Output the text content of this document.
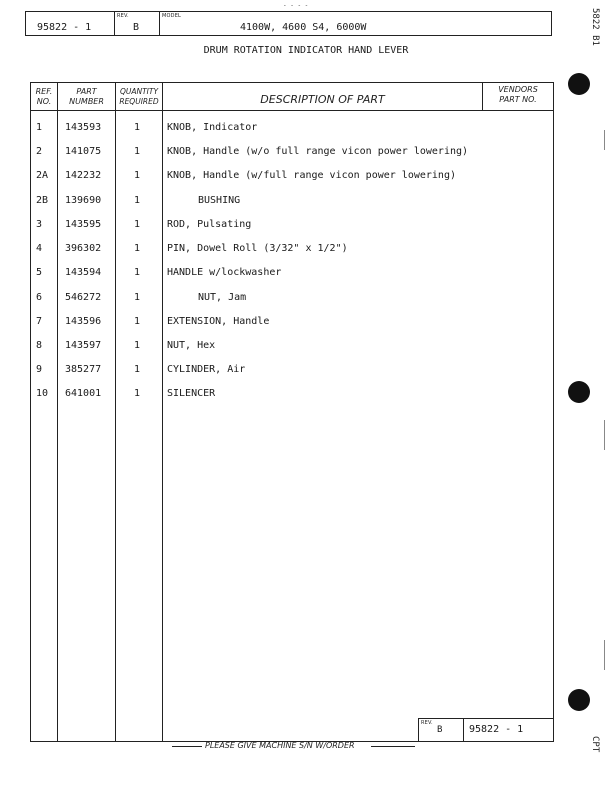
- - - -
95822 - 1
REV.
B
MODEL
4100W, 4600 S4, 6000W
DRUM ROTATION INDICATOR HAND LEVER
REF.
NO.
PART
NUMBER
QUANTITY
REQUIRED	DESCRIPTION OF PART
VENDORS
PART NO.
1 143593	1	KNOB, Indicator
2 141075	1	KNOB, Handle (w/o full range vicon power lowering)
2A 142232	1	KNOB, Handle (w/full range vicon power lowering)
2B 139690	1	BUSHING
3 143595	1	ROD, Pulsating
4 396302	1	PIN, Dowel Roll (3/32" x 1/2")
5 143594	1	HANDLE w/lockwasher
6 546272	1	NUT, Jam
7 143596	1	EXTENSION, Handle
8 143597	1	NUT, Hex
9 385277	1	CYLINDER, Air
10 641001	1	SILENCER
REV.
B	95822 - 1
PLEASE GIVE MACHINE S/N W/ORDER
5822 B1
CPT
